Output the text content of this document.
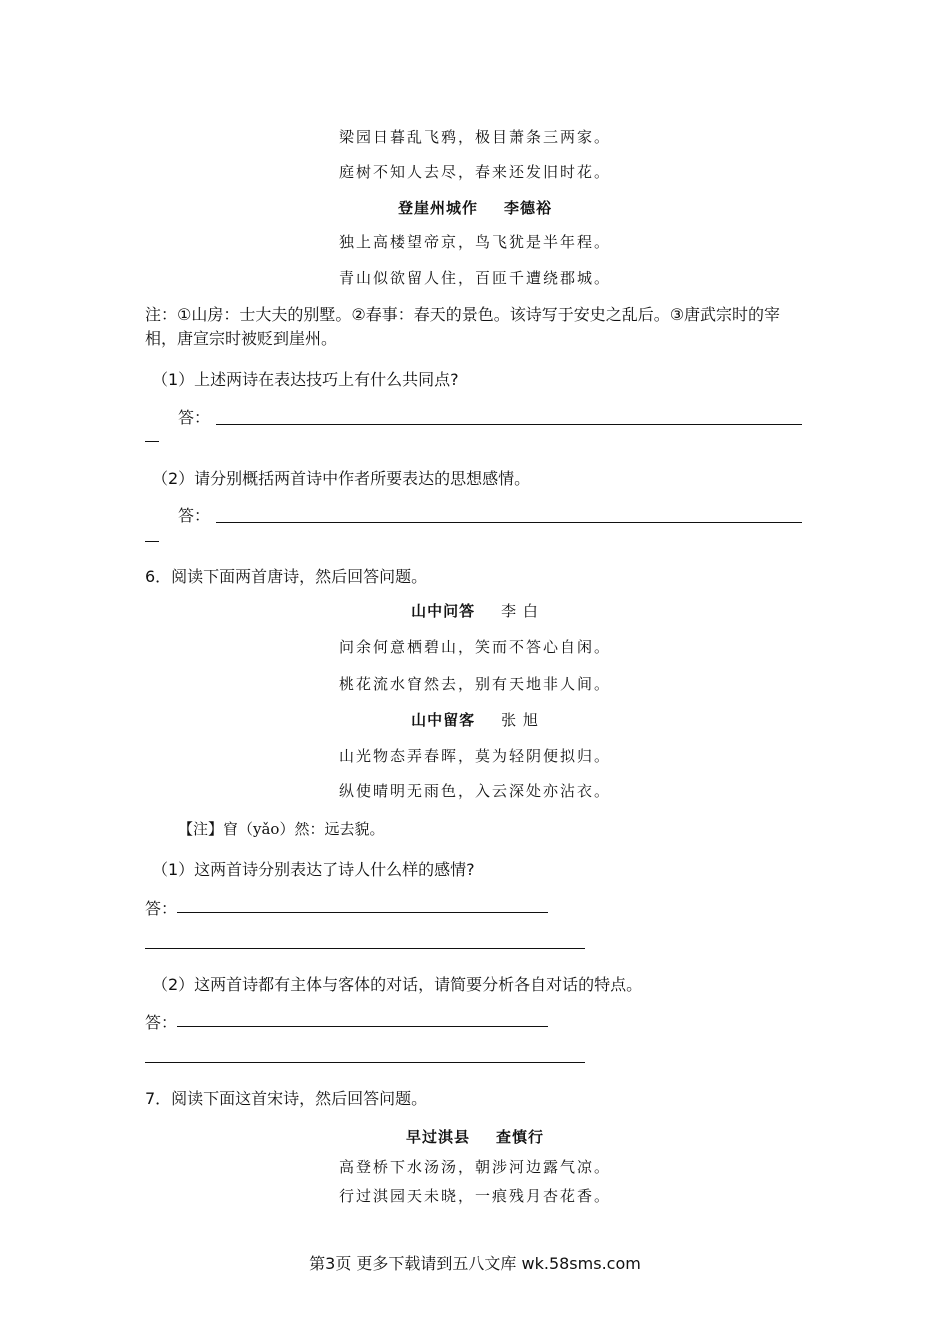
梁园日暮乱飞鸦，极目萧条三两家。
庭树不知人去尽，春来还发旧时花。
登崖州城作 李德裕
独上高楼望帝京，鸟飞犹是半年程。
青山似欲留人住，百匝千遭绕郡城。
注：①山房：士大夫的别墅。②春事：春天的景色。该诗写于安史之乱后。③唐武宗时的宰相，唐宣宗时被贬到崖州。
（1）上述两诗在表达技巧上有什么共同点?
答：
（2）请分别概括两首诗中作者所要表达的思想感情。
答：
6．阅读下面两首唐诗，然后回答问题。
山中问答 李 白
问余何意栖碧山，笑而不答心自闲。
桃花流水窅然去，别有天地非人间。
山中留客 张 旭
山光物态弄春晖，莫为轻阴便拟归。
纵使晴明无雨色，入云深处亦沾衣。
【注】窅（yǎo）然：远去貌。
（1）这两首诗分别表达了诗人什么样的感情?
答：
（2）这两首诗都有主体与客体的对话，请简要分析各自对话的特点。
答：
7．阅读下面这首宋诗，然后回答问题。
早过淇县 查慎行
高登桥下水汤汤，朝涉河边露气凉。
行过淇园天未晓，一痕残月杏花香。
第3页 更多下载请到五八文库 wk.58sms.com
